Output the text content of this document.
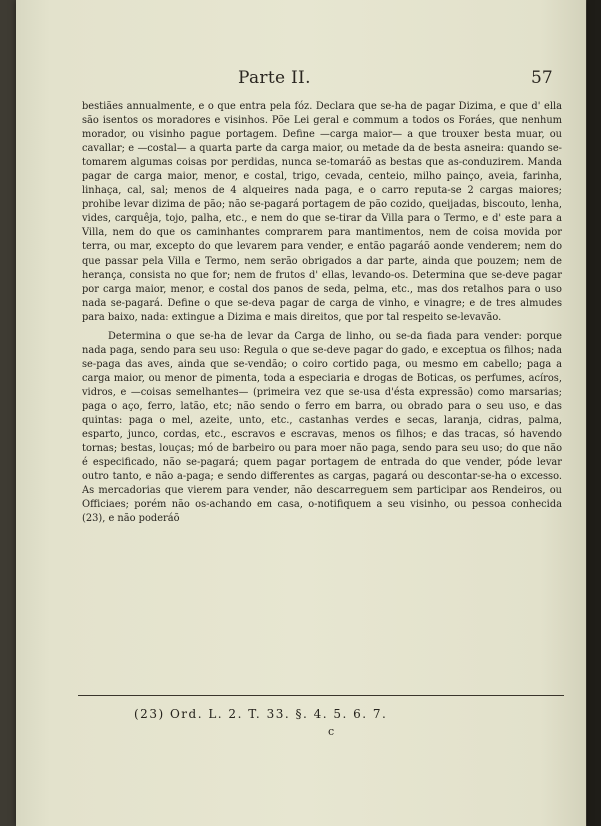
Parte II.	57

bestiães annualmente, e o que entra pela fóz. Declara que se-ha de pagar Dizima, e que d' ella são isentos os moradores e visinhos. Põe Lei geral e commum a todos os Foráes, que nenhum morador, ou visinho pague portagem. Define —carga maior— a que trouxer besta muar, ou cavallar; e —costal— a quarta parte da carga maior, ou metade da de besta asneira: quando se-tomarem algumas coisas por perdidas, nunca se-tomaráõ as bestas que as-conduzirem. Manda pagar de carga maior, menor, e costal, trigo, cevada, centeio, milho painço, aveia, farinha, linhaça, cal, sal; menos de 4 alqueires nada paga, e o carro reputa-se 2 cargas maiores; prohibe levar dizima de pão; não se-pagará portagem de pão cozido, queijadas, biscouto, lenha, vides, carquêja, tojo, palha, etc., e nem do que se-tirar da Villa para o Termo, e d' este para a Villa, nem do que os caminhantes comprarem para mantimentos, nem de coisa movida por terra, ou mar, excepto do que levarem para vender, e então pagaráõ aonde venderem; nem do que passar pela Villa e Termo, nem serão obrigados a dar parte, ainda que pouzem; nem de herança, consista no que for; nem de frutos d' ellas, levando-os. Determina que se-deve pagar por carga maior, menor, e costal dos panos de seda, pelma, etc., mas dos retalhos para o uso nada se-pagará. Define o que se-deva pagar de carga de vinho, e vinagre; e de tres almudes para baixo, nada: extingue a Dizima e mais direitos, que por tal respeito se-levavão.

Determina o que se-ha de levar da Carga de linho, ou se-da fiada para vender: porque nada paga, sendo para seu uso: Regula o que se-deve pagar do gado, e exceptua os filhos; nada se-paga das aves, ainda que se-vendão; o coiro cortido paga, ou mesmo em cabello; paga a carga maior, ou menor de pimenta, toda a especiaria e drogas de Boticas, os perfumes, acíros, vidros, e —coisas semelhantes— (primeira vez que se-usa d'ésta expressão) como marsarias; paga o aço, ferro, latão, etc; não sendo o ferro em barra, ou obrado para o seu uso, e das quintas: paga o mel, azeite, unto, etc., castanhas verdes e secas, laranja, cidras, palma, esparto, junco, cordas, etc., escravos e escravas, menos os filhos; e das tracas, só havendo tornas; bestas, louças; mó de barbeiro ou para moer não paga, sendo para seu uso; do que não é especificado, não se-pagará; quem pagar portagem de entrada do que vender, póde levar outro tanto, e não a-paga; e sendo differentes as cargas, pagará ou descontar-se-ha o excesso. As mercadorias que vierem para vender, não descarreguem sem participar aos Rendeiros, ou Officiaes; porém não os-achando em casa, o-notifiquem a seu visinho, ou pessoa conhecida (23), e não poderáõ

(23) Ord. L. 2. T. 33. §. 4. 5. 6. 7.
c
